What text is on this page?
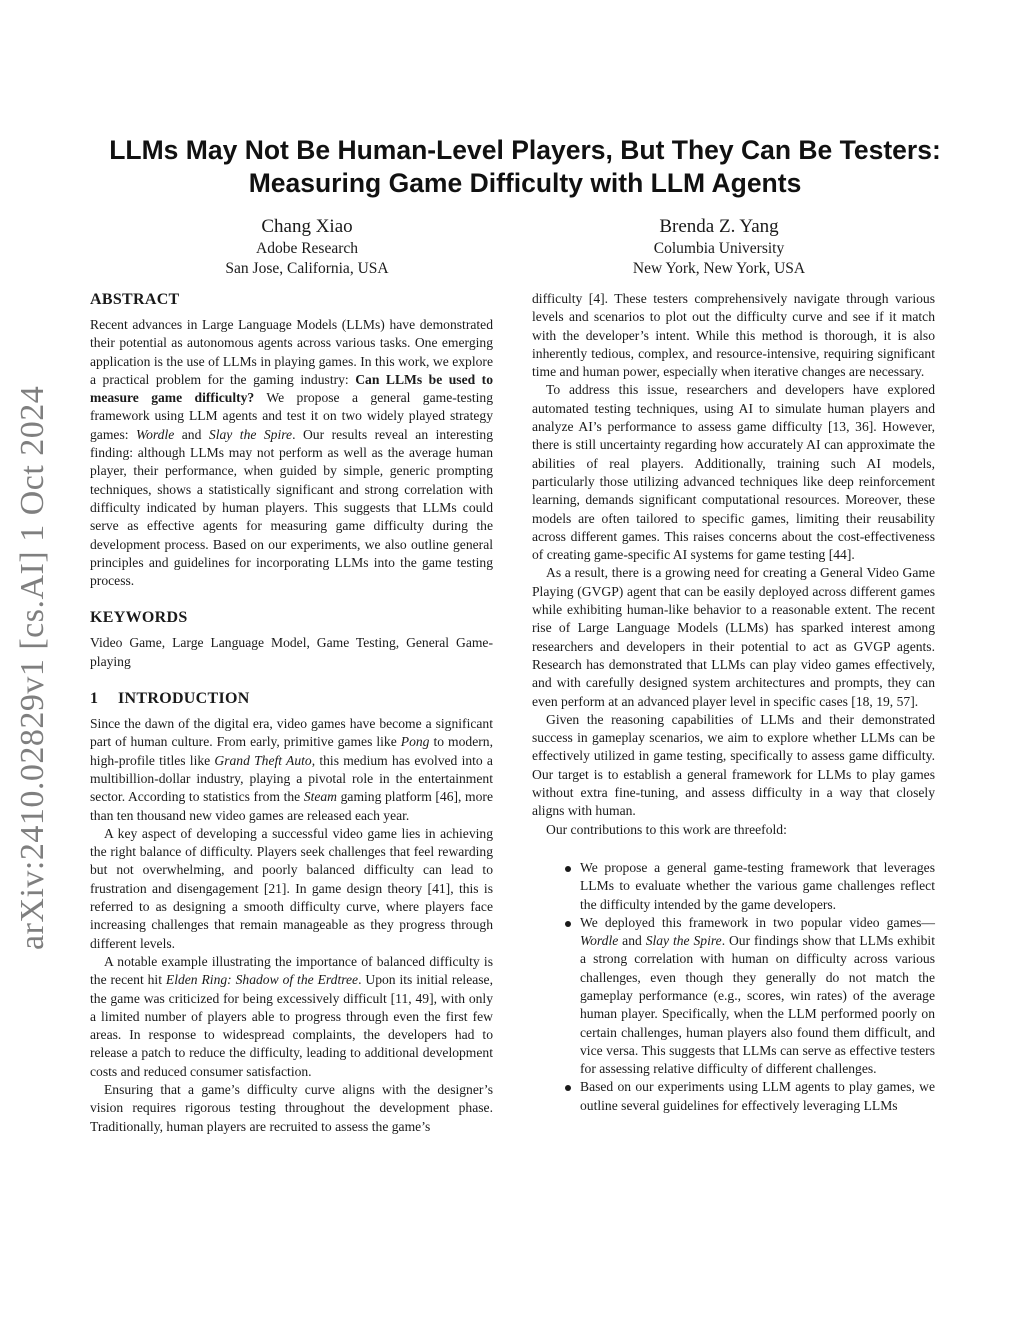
arXiv:2410.02829v1 [cs.AI] 1 Oct 2024
LLMs May Not Be Human-Level Players, But They Can Be Testers:
Measuring Game Difficulty with LLM Agents
Chang Xiao
Adobe Research
San Jose, California, USA
Brenda Z. Yang
Columbia University
New York, New York, USA
ABSTRACT

Recent advances in Large Language Models (LLMs) have demonstrated their potential as autonomous agents across various tasks. One emerging application is the use of LLMs in playing games. In this work, we explore a practical problem for the gaming industry: Can LLMs be used to measure game difficulty? We propose a general game-testing framework using LLM agents and test it on two widely played strategy games: Wordle and Slay the Spire. Our results reveal an interesting finding: although LLMs may not perform as well as the average human player, their performance, when guided by simple, generic prompting techniques, shows a statistically significant and strong correlation with difficulty indicated by human players. This suggests that LLMs could serve as effective agents for measuring game difficulty during the development process. Based on our experiments, we also outline general principles and guidelines for incorporating LLMs into the game testing process.

KEYWORDS

Video Game, Large Language Model, Game Testing, General Game-playing

1 INTRODUCTION

Since the dawn of the digital era, video games have become a significant part of human culture. From early, primitive games like Pong to modern, high-profile titles like Grand Theft Auto, this medium has evolved into a multibillion-dollar industry, playing a pivotal role in the entertainment sector. According to statistics from the Steam gaming platform [46], more than ten thousand new video games are released each year.

A key aspect of developing a successful video game lies in achieving the right balance of difficulty. Players seek challenges that feel rewarding but not overwhelming, and poorly balanced difficulty can lead to frustration and disengagement [21]. In game design theory [41], this is referred to as designing a smooth difficulty curve, where players face increasing challenges that remain manageable as they progress through different levels.

A notable example illustrating the importance of balanced difficulty is the recent hit Elden Ring: Shadow of the Erdtree. Upon its initial release, the game was criticized for being excessively difficult [11, 49], with only a limited number of players able to progress through even the first few areas. In response to widespread complaints, the developers had to release a patch to reduce the difficulty, leading to additional development costs and reduced consumer satisfaction.

Ensuring that a game’s difficulty curve aligns with the designer’s vision requires rigorous testing throughout the development phase. Traditionally, human players are recruited to assess the game’s

difficulty [4]. These testers comprehensively navigate through various levels and scenarios to plot out the difficulty curve and see if it match with the developer’s intent. While this method is thorough, it is also inherently tedious, complex, and resource-intensive, requiring significant time and human power, especially when iterative changes are necessary.

To address this issue, researchers and developers have explored automated testing techniques, using AI to simulate human players and analyze AI’s performance to assess game difficulty [13, 36]. However, there is still uncertainty regarding how accurately AI can approximate the abilities of real players. Additionally, training such AI models, particularly those utilizing advanced techniques like deep reinforcement learning, demands significant computational resources. Moreover, these models are often tailored to specific games, limiting their reusability across different games. This raises concerns about the cost-effectiveness of creating game-specific AI systems for game testing [44].

As a result, there is a growing need for creating a General Video Game Playing (GVGP) agent that can be easily deployed across different games while exhibiting human-like behavior to a reasonable extent. The recent rise of Large Language Models (LLMs) has sparked interest among researchers and developers in their potential to act as GVGP agents. Research has demonstrated that LLMs can play video games effectively, and with carefully designed system architectures and prompts, they can even perform at an advanced player level in specific cases [18, 19, 57].

Given the reasoning capabilities of LLMs and their demonstrated success in gameplay scenarios, we aim to explore whether LLMs can be effectively utilized in game testing, specifically to assess game difficulty. Our target is to establish a general framework for LLMs to play games without extra fine-tuning, and assess difficulty in a way that closely aligns with human.

Our contributions to this work are threefold:

We propose a general game-testing framework that leverages LLMs to evaluate whether the various game challenges reflect the difficulty intended by the game developers.
We deployed this framework in two popular video games—Wordle and Slay the Spire. Our findings show that LLMs exhibit a strong correlation with human on difficulty across various challenges, even though they generally do not match the gameplay performance (e.g., scores, win rates) of the average human player. Specifically, when the LLM performed poorly on certain challenges, human players also found them difficult, and vice versa. This suggests that LLMs can serve as effective testers for assessing relative difficulty of different challenges.
Based on our experiments using LLM agents to play games, we outline several guidelines for effectively leveraging LLMs
